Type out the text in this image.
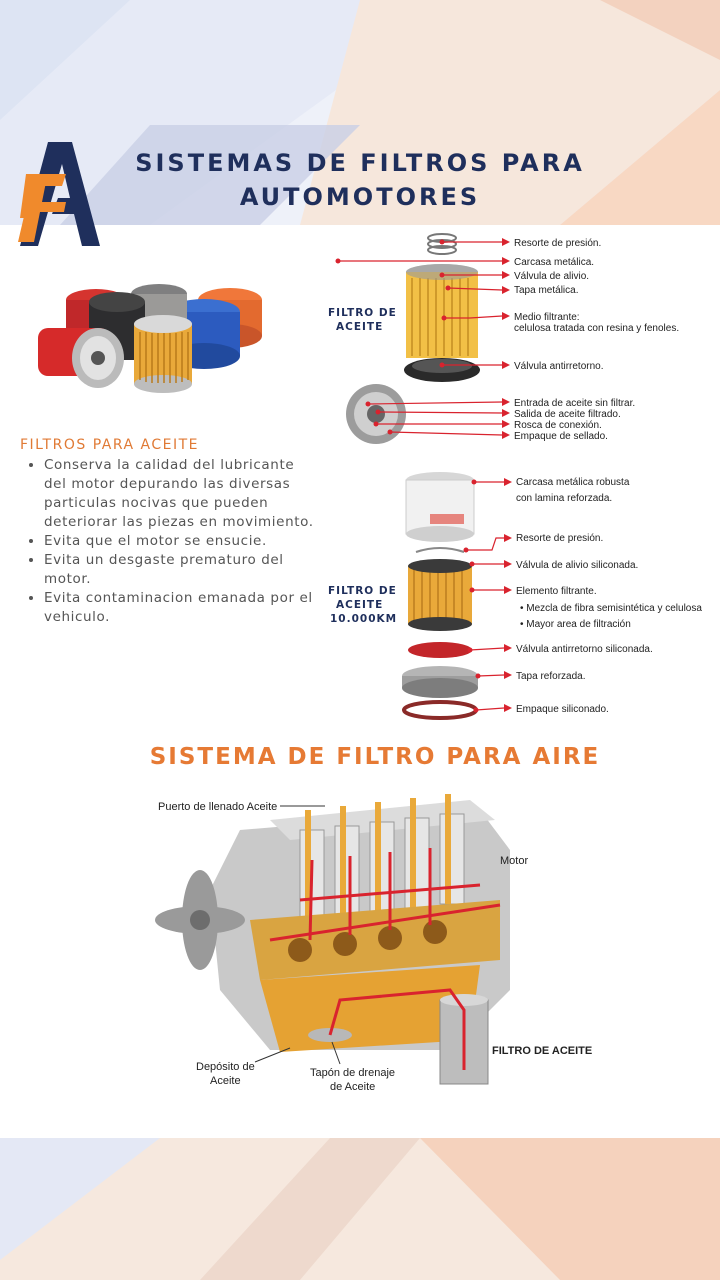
SISTEMAS DE FILTROS PARA
AUTOMOTORES
FILTROS PARA ACEITE
• Conserva la calidad del lubricante del motor depurando las diversas particulas nocivas que pueden deteriorar las piezas en movimiento.
• Evita que el motor se ensucie.
• Evita un desgaste prematuro del motor.
• Evita contaminacion emanada por el vehiculo.
FILTRO DE
ACEITE
Resorte de presión.
Carcasa metálica.
Válvula de alivio.
Tapa metálica.
Medio filtrante:
celulosa tratada con resina y fenoles.
Válvula antirretorno.
Entrada de aceite sin filtrar.
Salida de aceite filtrado.
Rosca de conexión.
Empaque de sellado.
FILTRO DE
ACEITE
10.000KM
Carcasa metálica robusta
con lamina reforzada.
Resorte de presión.
Válvula de alivio siliconada.
Elemento filtrante.
• Mezcla de fibra semisintética y celulosa
• Mayor area de filtración
Válvula antirretorno siliconada.
Tapa reforzada.
Empaque siliconado.
SISTEMA DE FILTRO PARA AIRE
Puerto de llenado Aceite
Motor
Depósito de
Aceite
Tapón de drenaje
de Aceite
FILTRO DE ACEITE
